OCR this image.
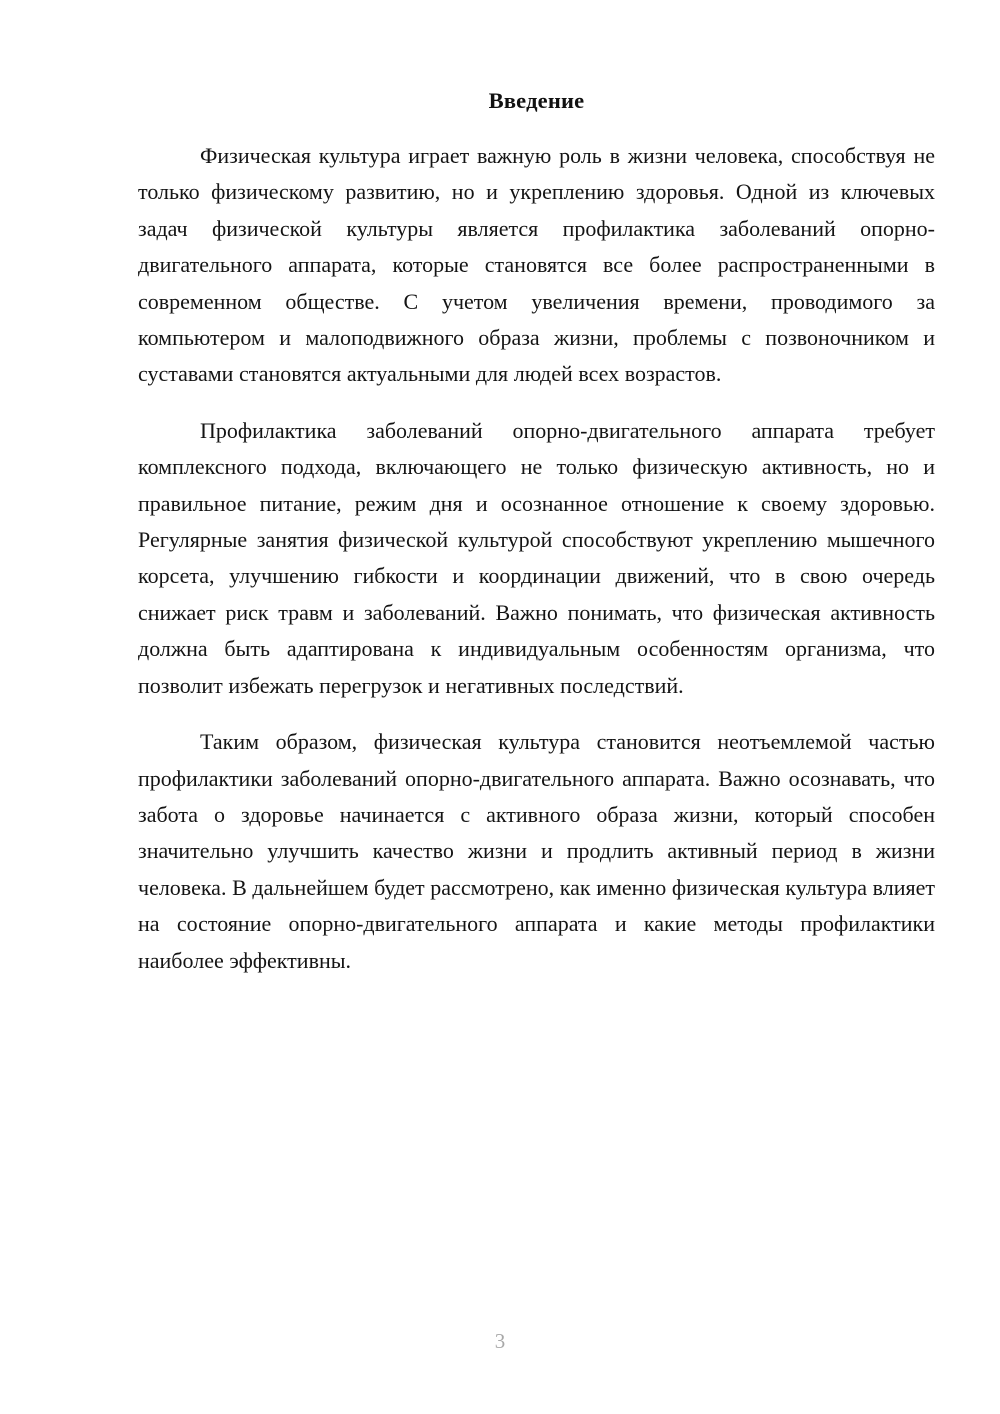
Введение

Физическая культура играет важную роль в жизни человека, способствуя не только физическому развитию, но и укреплению здоровья. Одной из ключевых задач физической культуры является профилактика заболеваний опорно-двигательного аппарата, которые становятся все более распространенными в современном обществе. С учетом увеличения времени, проводимого за компьютером и малоподвижного образа жизни, проблемы с позвоночником и суставами становятся актуальными для людей всех возрастов.

Профилактика заболеваний опорно-двигательного аппарата требует комплексного подхода, включающего не только физическую активность, но и правильное питание, режим дня и осознанное отношение к своему здоровью. Регулярные занятия физической культурой способствуют укреплению мышечного корсета, улучшению гибкости и координации движений, что в свою очередь снижает риск травм и заболеваний. Важно понимать, что физическая активность должна быть адаптирована к индивидуальным особенностям организма, что позволит избежать перегрузок и негативных последствий.

Таким образом, физическая культура становится неотъемлемой частью профилактики заболеваний опорно-двигательного аппарата. Важно осознавать, что забота о здоровье начинается с активного образа жизни, который способен значительно улучшить качество жизни и продлить активный период в жизни человека. В дальнейшем будет рассмотрено, как именно физическая культура влияет на состояние опорно-двигательного аппарата и какие методы профилактики наиболее эффективны.

3
